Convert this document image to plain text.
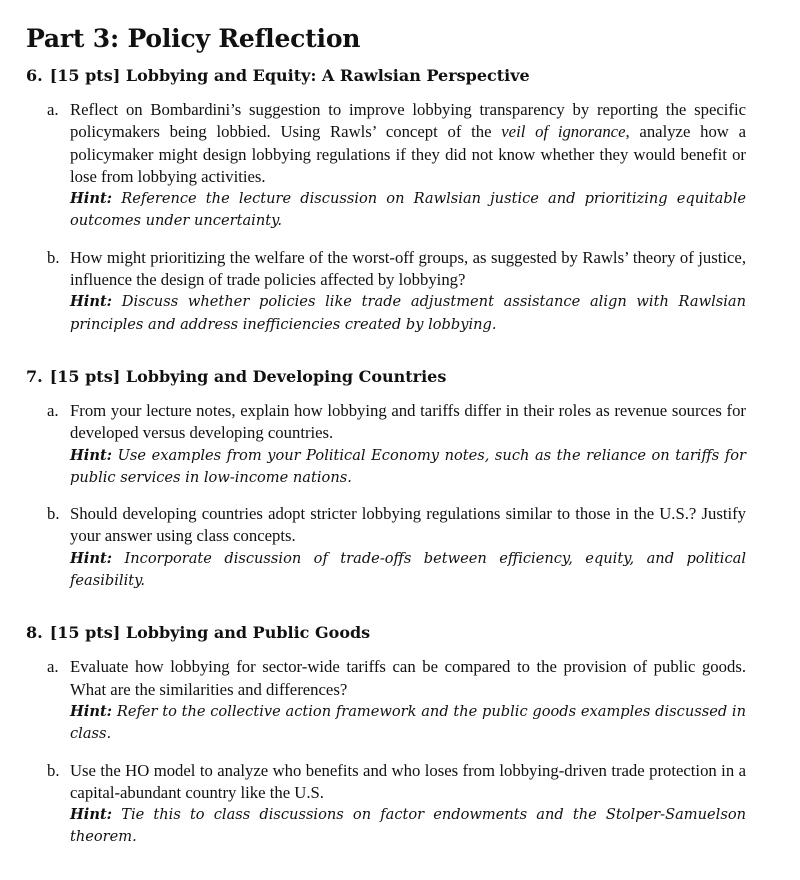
Part 3: Policy Reflection
6. [15 pts] Lobbying and Equity: A Rawlsian Perspective
a. Reflect on Bombardini’s suggestion to improve lobbying transparency by reporting the specific policymakers being lobbied. Using Rawls’ concept of the veil of ignorance, analyze how a policymaker might design lobbying regulations if they did not know whether they would benefit or lose from lobbying activities.
Hint: Reference the lecture discussion on Rawlsian justice and prioritizing equitable outcomes under uncertainty.
b. How might prioritizing the welfare of the worst-off groups, as suggested by Rawls’ theory of justice, influence the design of trade policies affected by lobbying?
Hint: Discuss whether policies like trade adjustment assistance align with Rawlsian principles and address inefficiencies created by lobbying.
7. [15 pts] Lobbying and Developing Countries
a. From your lecture notes, explain how lobbying and tariffs differ in their roles as revenue sources for developed versus developing countries.
Hint: Use examples from your Political Economy notes, such as the reliance on tariffs for public services in low-income nations.
b. Should developing countries adopt stricter lobbying regulations similar to those in the U.S.? Justify your answer using class concepts.
Hint: Incorporate discussion of trade-offs between efficiency, equity, and political feasibility.
8. [15 pts] Lobbying and Public Goods
a. Evaluate how lobbying for sector-wide tariffs can be compared to the provision of public goods. What are the similarities and differences?
Hint: Refer to the collective action framework and the public goods examples discussed in class.
b. Use the HO model to analyze who benefits and who loses from lobbying-driven trade protection in a capital-abundant country like the U.S.
Hint: Tie this to class discussions on factor endowments and the Stolper-Samuelson theorem.
